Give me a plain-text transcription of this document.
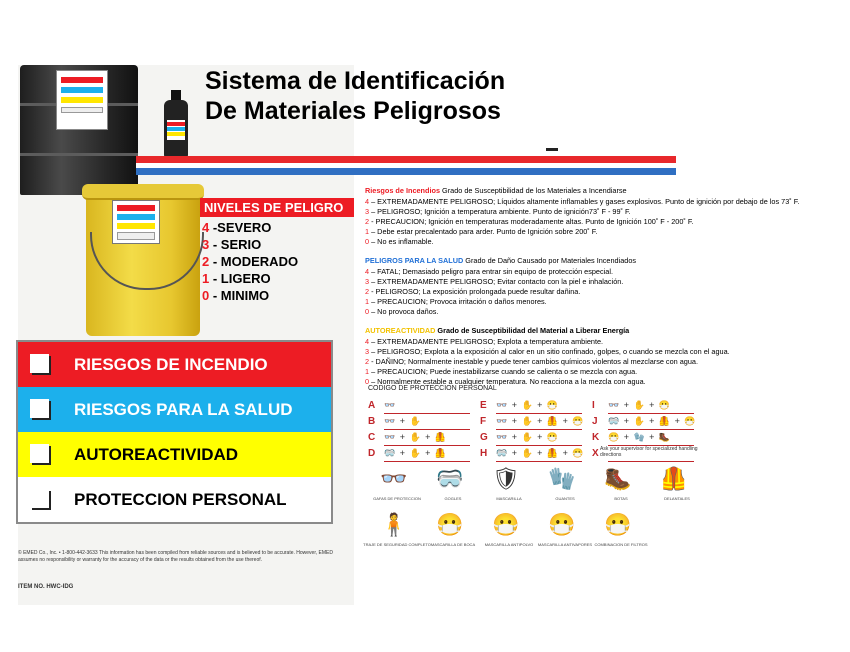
Sistema de Identificación
De Materiales Peligrosos
NIVELES DE PELIGRO
4 -SEVERO
3 - SERIO
2 - MODERADO
1 - LIGERO
0 - MINIMO
RIESGOS DE INCENDIO
RIESGOS PARA LA SALUD
AUTOREACTIVIDAD
PROTECCION PERSONAL
© EMED Co., Inc. • 1-800-442-3633 This information has been compiled from reliable sources and is believed to be accurate. However, EMED assumes no responsibility or warranty for the accuracy of the data or the results obtained from the use thereof.
ITEM NO. HWC-IDG
Riesgos de Incendios Grado de Susceptibilidad de los Materiales a Incendiarse
4 – EXTREMADAMENTE PELIGROSO; Líquidos altamente inflamables y gases explosivos. Punto de ignición por debajo de los 73˚ F.
3 – PELIGROSO; Ignición a temperatura ambiente. Punto de ignición73˚ F - 99˚ F.
2 - PRECAUCION; Ignición en temperaturas moderadamente altas. Punto de Ignición 100˚ F - 200˚ F.
1 – Debe estar precalentado para arder. Punto de Ignición sobre 200˚ F.
0 – No es inflamable.
PELIGROS PARA LA SALUD Grado de Daño Causado por Materiales Incendiados
4 – FATAL; Demasiado peligro para entrar sin equipo de protección especial.
3 – EXTREMADAMENTE PELIGROSO; Evitar contacto con la piel e inhalación.
2 - PELIGROSO; La exposición prolongada puede resultar dañina.
1 – PRECAUCION; Provoca irritación o daños menores.
0 – No provoca daños.
AUTOREACTIVIDAD Grado de Susceptibilidad del Material a Liberar Energía
4 – EXTREMADAMENTE PELIGROSO; Explota a temperatura ambiente.
3 – PELIGROSO; Explota a la exposición al calor en un sitio confinado, golpes, o cuando se mezcla con el agua.
2 - DAÑINO; Normalmente inestable y puede tener cambios químicos violentos al mezclarse con agua.
1 – PRECAUCION; Puede inestabilizarse cuando se calienta o se mezcla con agua.
0 – Normalmente estable a cualquier temperatura. No reacciona a la mezcla con agua.
CODIGO DE PROTECCION PERSONAL
A 👓
B 👓 + ✋
C 👓 + ✋ + 🦺
D 🥽 + ✋ + 🦺
E 👓 + ✋ + 😷
F 👓 + ✋ + 🦺 + 😷
G 👓 + ✋ + 😷
H 🥽 + ✋ + 🦺 + 😷
I 👓 + ✋ + 😷
J 🥽 + ✋ + 🦺 + 😷
K 😷 + 🧤 + 🥾
X Ask your supervisor for specialized handling directions
👓
GAFAS DE PROTECCION
🥽
GOGLES
🛡
MASCARILLA
🧤
GUANTES
🥾
BOTAS
🦺
DELANTALES
🧍
TRAJE DE SEGURIDAD COMPLETO
😷
MASCARILLA DE BOCA
😷
MASCARILLA ANTIPOLVO
😷
MASCARILLA ANTIVAPORES
😷
COMBINACION DE FILTROS
